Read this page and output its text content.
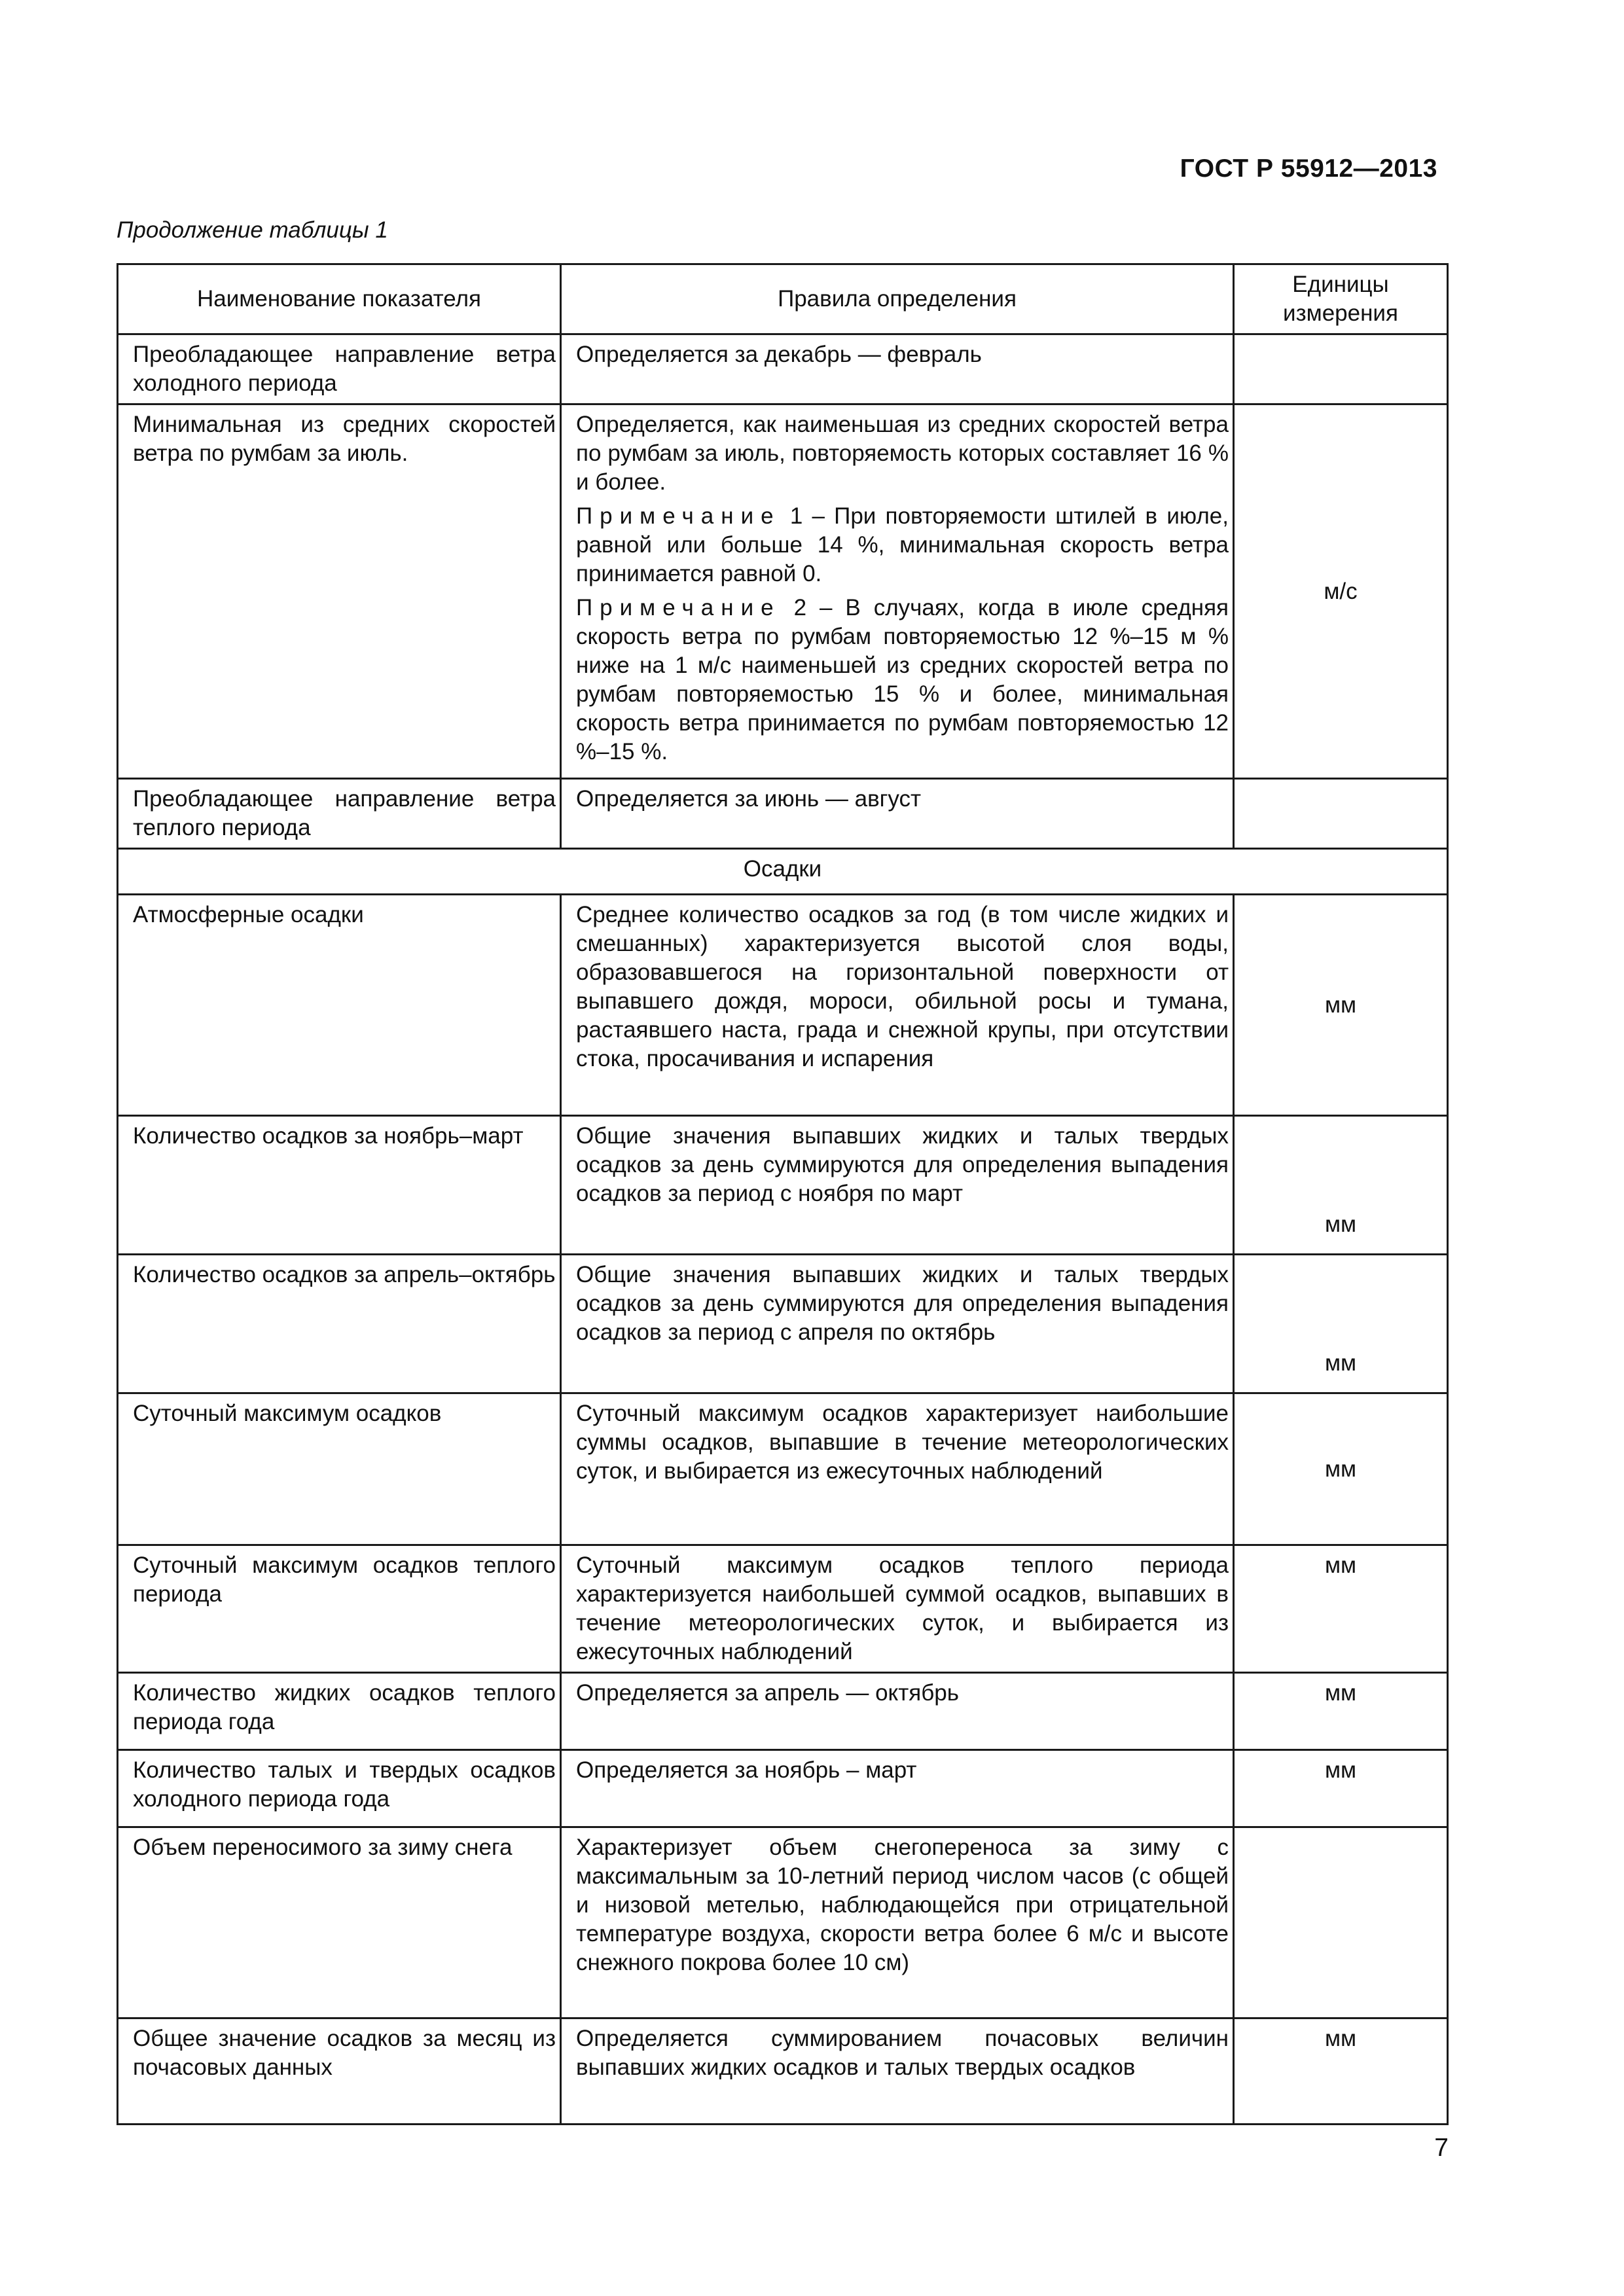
ГОСТ Р 55912—2013
Продолжение таблицы 1
Наименование показателя	Правила определения	Единицы измерения
Преобладающее направление ветра холодного периода	Определяется за декабрь — февраль	
Минимальная из средних скоростей ветра по румбам за июль.	Определяется, как наименьшая из средних скоростей ветра по румбам за июль, повторяемость которых составляет 16 % и более.
Примечание 1 – При повторяемости штилей в июле, равной или больше 14 %, минимальная скорость ветра принимается равной 0.
Примечание 2 – В случаях, когда в июле средняя скорость ветра по румбам повторяемостью 12 %–15 м % ниже на 1 м/с наименьшей из средних скоростей ветра по румбам повторяемостью 15 % и более, минимальная скорость ветра принимается по румбам повторяемостью 12 %–15 %.	м/с
Преобладающее направление ветра теплого периода	Определяется за июнь — август	
Осадки		
Атмосферные осадки	Среднее количество осадков за год (в том числе жидких и смешанных) характеризуется высотой слоя воды, образовавшегося на горизонтальной поверхности от выпавшего дождя, мороси, обильной росы и тумана, растаявшего наста, града и снежной крупы, при отсутствии стока, просачивания и испарения	мм
Количество осадков за ноябрь–март	Общие значения выпавших жидких и талых твердых осадков за день суммируются для определения выпадения осадков за период с ноября по март	мм
Количество осадков за апрель–октябрь	Общие значения выпавших жидких и талых твердых осадков за день суммируются для определения выпадения осадков за период с апреля по октябрь	мм
Суточный максимум осадков	Суточный максимум осадков характеризует наибольшие суммы осадков, выпавшие в течение метеорологических суток, и выбирается из ежесуточных наблюдений	мм
Суточный максимум осадков теплого периода	Суточный максимум осадков теплого периода характеризуется наибольшей суммой осадков, выпавших в течение метеорологических суток, и выбирается из ежесуточных наблюдений	мм
Количество жидких осадков теплого периода года	Определяется за апрель — октябрь	мм
Количество талых и твердых осадков холодного периода года	Определяется за ноябрь – март	мм
Объем переносимого за зиму снега	Характеризует объем снегопереноса за зиму с максимальным за 10-летний период числом часов (с общей и низовой метелью, наблюдающейся при отрицательной температуре воздуха, скорости ветра более 6 м/с и высоте снежного покрова более 10 см)	
Общее значение осадков за месяц из почасовых данных	Определяется суммированием почасовых величин выпавших жидких осадков и талых твердых осадков	мм
7
